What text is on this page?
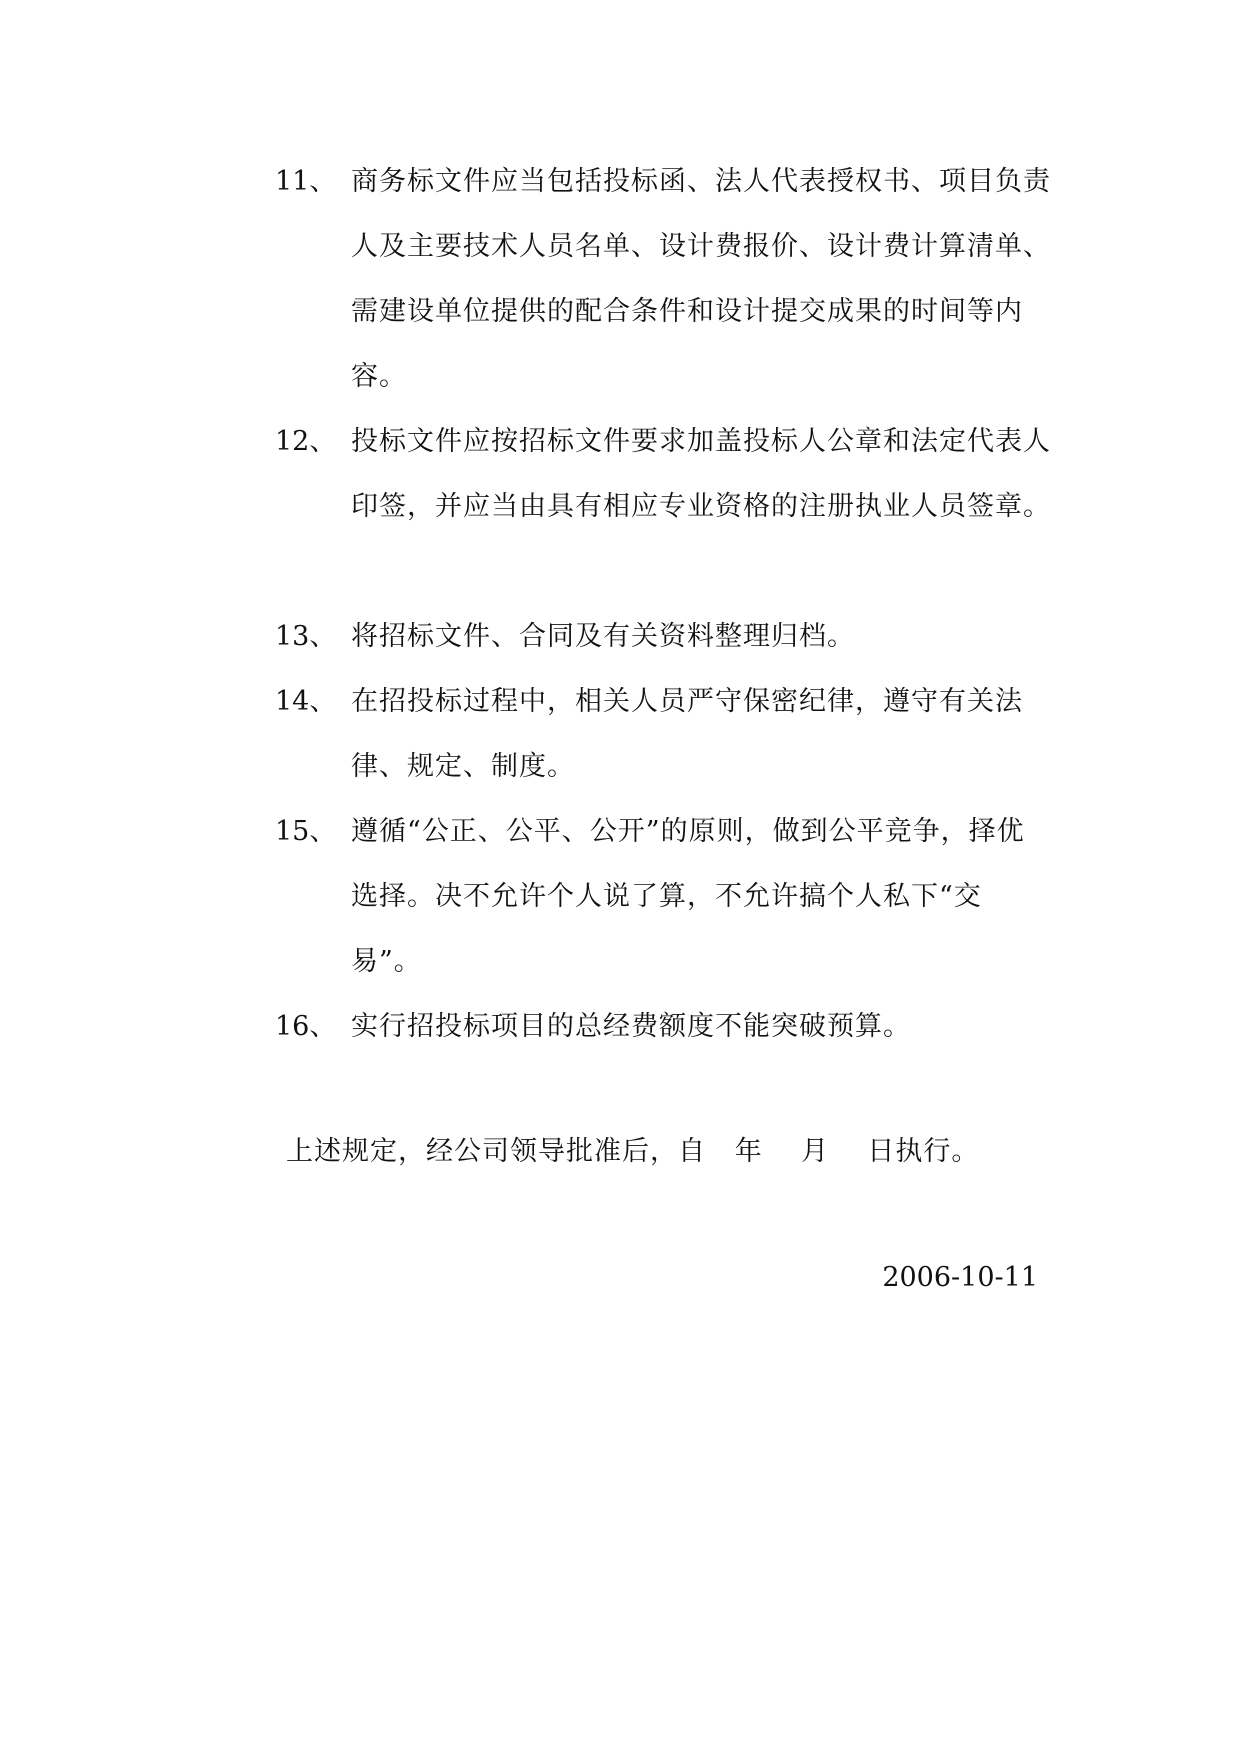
11、 商务标文件应当包括投标函、法人代表授权书、项目负责人及主要技术人员名单、设计费报价、设计费计算清单、需建设单位提供的配合条件和设计提交成果的时间等内容。
12、 投标文件应按招标文件要求加盖投标人公章和法定代表人印签，并应当由具有相应专业资格的注册执业人员签章。
13、 将招标文件、合同及有关资料整理归档。
14、 在招投标过程中，相关人员严守保密纪律，遵守有关法律、规定、制度。
15、 遵循“公正、公平、公开”的原则，做到公平竞争，择优选择。决不允许个人说了算，不允许搞个人私下“交易”。
16、 实行招投标项目的总经费额度不能突破预算。
上述规定，经公司领导批准后，自   年    月    日执行。
2006-10-11
